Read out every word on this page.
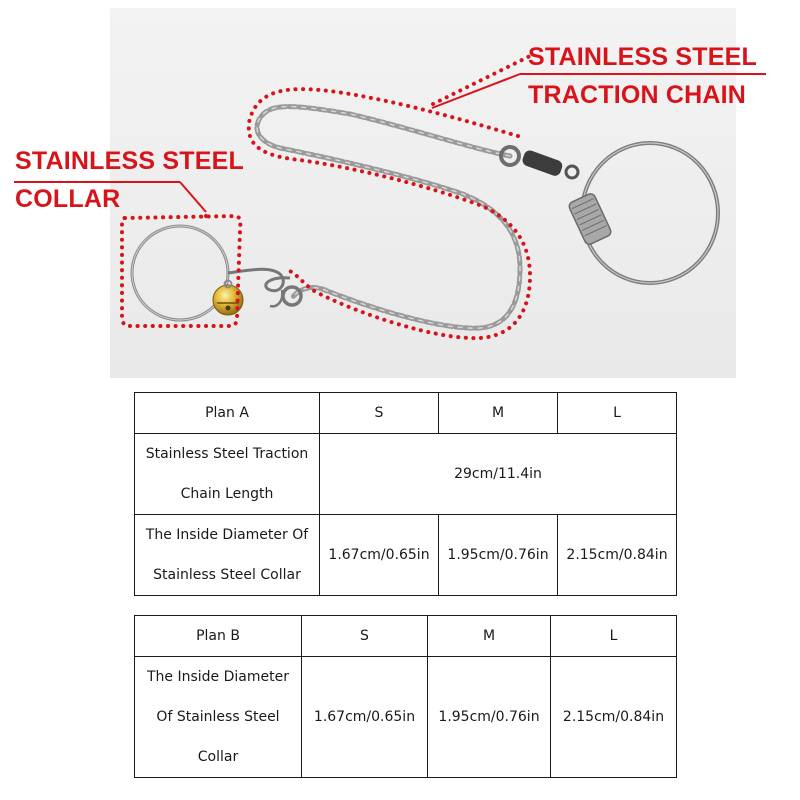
STAINLESS STEEL
TRACTION CHAIN
STAINLESS STEEL
COLLAR
Plan A	S	M	L

Stainless Steel Traction
Chain Length	29cm/11.4in		

The Inside Diameter Of
Stainless Steel Collar	1.67cm/0.65in	1.95cm/0.76in	2.15cm/0.84in
Plan B	S	M	L

The Inside Diameter
Of Stainless Steel
Collar	1.67cm/0.65in	1.95cm/0.76in	2.15cm/0.84in
